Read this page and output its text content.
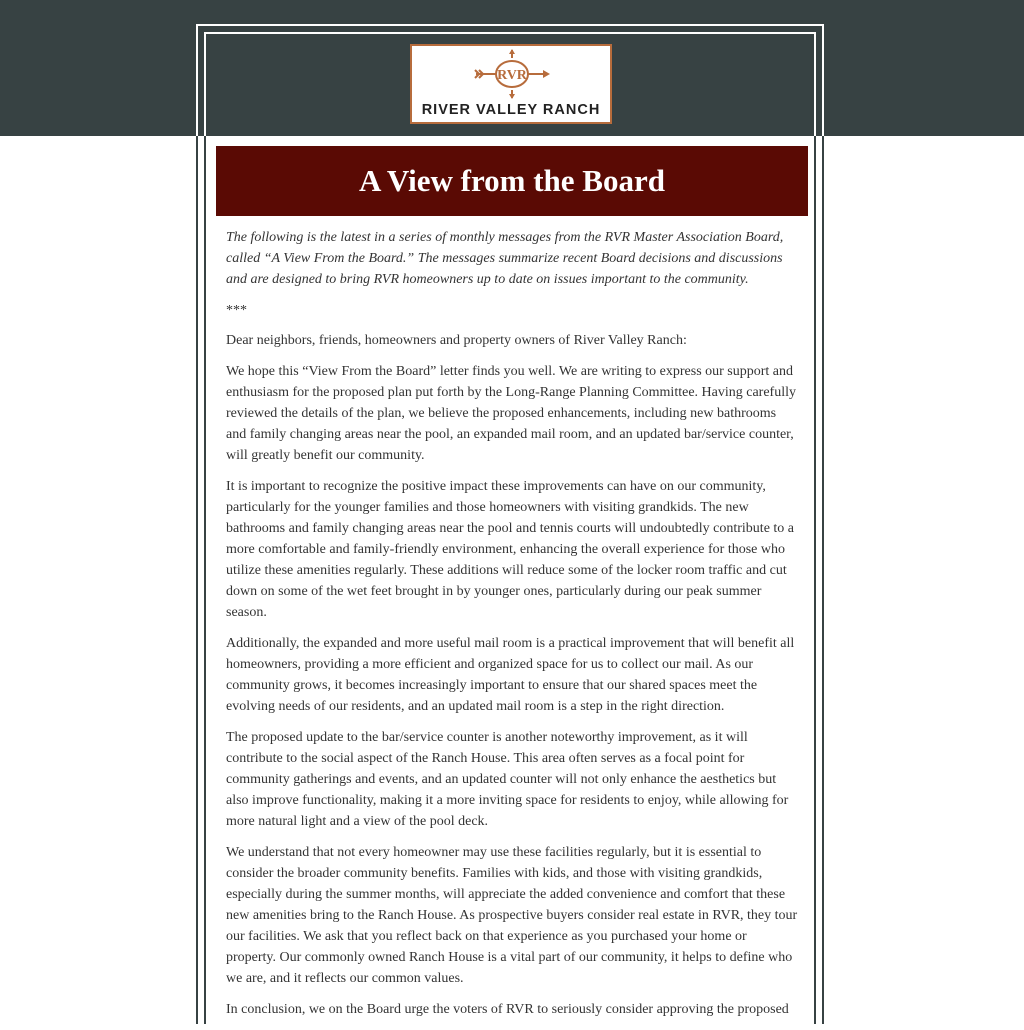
RVR
RIVER VALLEY RANCH
A View from the Board

The following is the latest in a series of monthly messages from the RVR Master Association Board, called “A View From the Board.” The messages summarize recent Board decisions and discussions and are designed to bring RVR homeowners up to date on issues important to the community.

***

Dear neighbors, friends, homeowners and property owners of River Valley Ranch:

We hope this “View From the Board” letter finds you well. We are writing to express our support and enthusiasm for the proposed plan put forth by the Long-Range Planning Committee. Having carefully reviewed the details of the plan, we believe the proposed enhancements, including new bathrooms and family changing areas near the pool, an expanded mail room, and an updated bar/service counter, will greatly benefit our community.

It is important to recognize the positive impact these improvements can have on our community, particularly for the younger families and those homeowners with visiting grandkids. The new bathrooms and family changing areas near the pool and tennis courts will undoubtedly contribute to a more comfortable and family-friendly environment, enhancing the overall experience for those who utilize these amenities regularly. These additions will reduce some of the locker room traffic and cut down on some of the wet feet brought in by younger ones, particularly during our peak summer season.

Additionally, the expanded and more useful mail room is a practical improvement that will benefit all homeowners, providing a more efficient and organized space for us to collect our mail. As our community grows, it becomes increasingly important to ensure that our shared spaces meet the evolving needs of our residents, and an updated mail room is a step in the right direction.

The proposed update to the bar/service counter is another noteworthy improvement, as it will contribute to the social aspect of the Ranch House. This area often serves as a focal point for community gatherings and events, and an updated counter will not only enhance the aesthetics but also improve functionality, making it a more inviting space for residents to enjoy, while allowing for more natural light and a view of the pool deck.

We understand that not every homeowner may use these facilities regularly, but it is essential to consider the broader community benefits. Families with kids, and those with visiting grandkids, especially during the summer months, will appreciate the added convenience and comfort that these new amenities bring to the Ranch House. As prospective buyers consider real estate in RVR, they tour our facilities. We ask that you reflect back on that experience as you purchased your home or property. Our commonly owned Ranch House is a vital part of our community, it helps to define who we are, and it reflects our common values.

In conclusion, we on the Board urge the voters of RVR to seriously consider approving the proposed
